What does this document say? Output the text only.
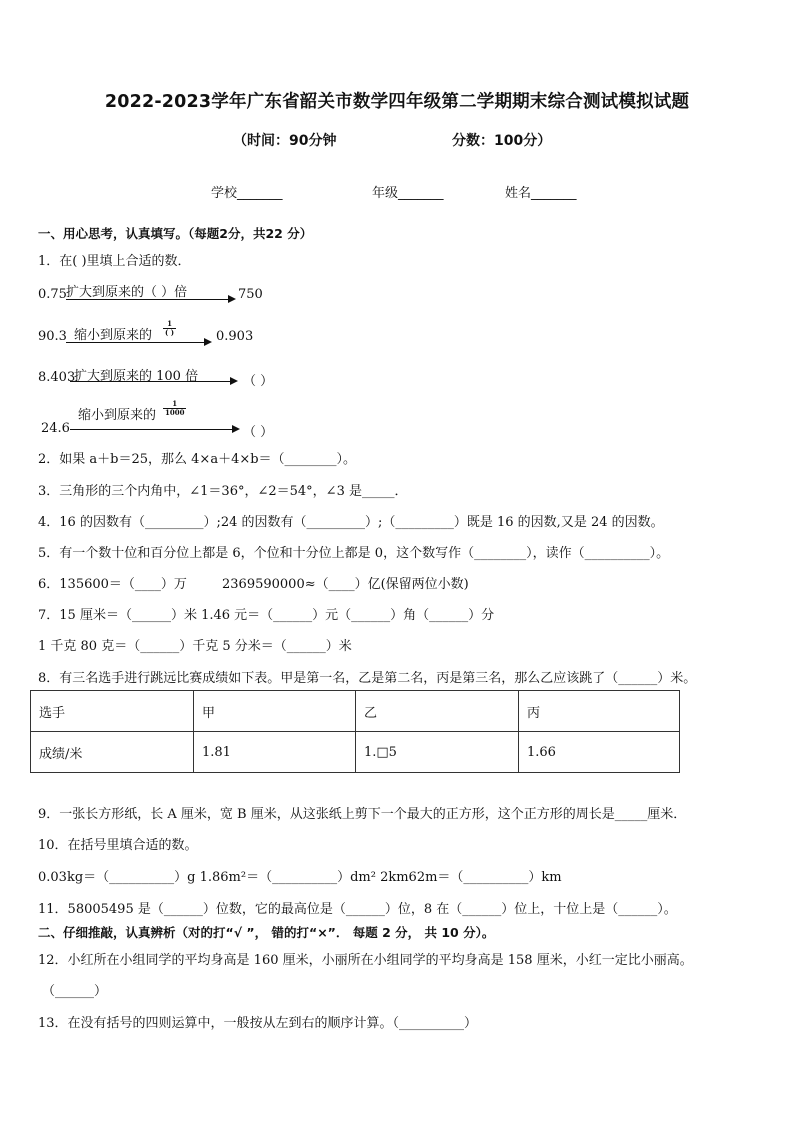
2022-2023学年广东省韶关市数学四年级第二学期期末综合测试模拟试题
（时间：90分钟	分数：100分）
学校_______	年级_______	姓名_______
一、用心思考，认真填写。（每题2分，共22 分）
1．在( )里填上合适的数．
0.75 扩大到原来的（ ）倍	750
90.3 缩小到原来的
1
( )	0.903
8.403
扩大到原来的 100 倍	（ ）
缩小到原来的 $\frac{1}{1000}$
24.6	（ ）
2．如果 a＋b＝25，那么 4×a＋4×b＝（________）。
3．三角形的三个内角中，∠1＝36°，∠2＝54°，∠3 是_____．
4．16 的因数有（_________）;24 的因数有（_________）;（_________）既是 16 的因数,又是 24 的因数。
5．有一个数十位和百分位上都是 6，个位和十分位上都是 0，这个数写作（________），读作（__________）。
6．135600＝（____）万	2369590000≈（____）亿(保留两位小数)
7．15 厘米＝（______）米 1.46 元＝（______）元（______）角（______）分
1 千克 80 克＝（______）千克 5 分米＝（______）米
8．有三名选手进行跳远比赛成绩如下表。甲是第一名，乙是第二名，丙是第三名，那么乙应该跳了（______）米。
选手	甲	乙	丙
成绩/米	1.81	1.□5	1.66
9．一张长方形纸，长 A 厘米，宽 B 厘米，从这张纸上剪下一个最大的正方形，这个正方形的周长是_____厘米．
10．在括号里填合适的数。
0.03kg＝（__________）g 1.86m²＝（__________）dm² 2km62m＝（__________）km
11．58005495 是（______）位数，它的最高位是（______）位，8 在（______）位上，十位上是（______）。
二、仔细推敲，认真辨析（对的打“√ ”， 错的打“×”． 每题 2 分， 共 10 分）。
12．小红所在小组同学的平均身高是 160 厘米，小丽所在小组同学的平均身高是 158 厘米，小红一定比小丽高。
（______）
13．在没有括号的四则运算中，一般按从左到右的顺序计算。（__________）
